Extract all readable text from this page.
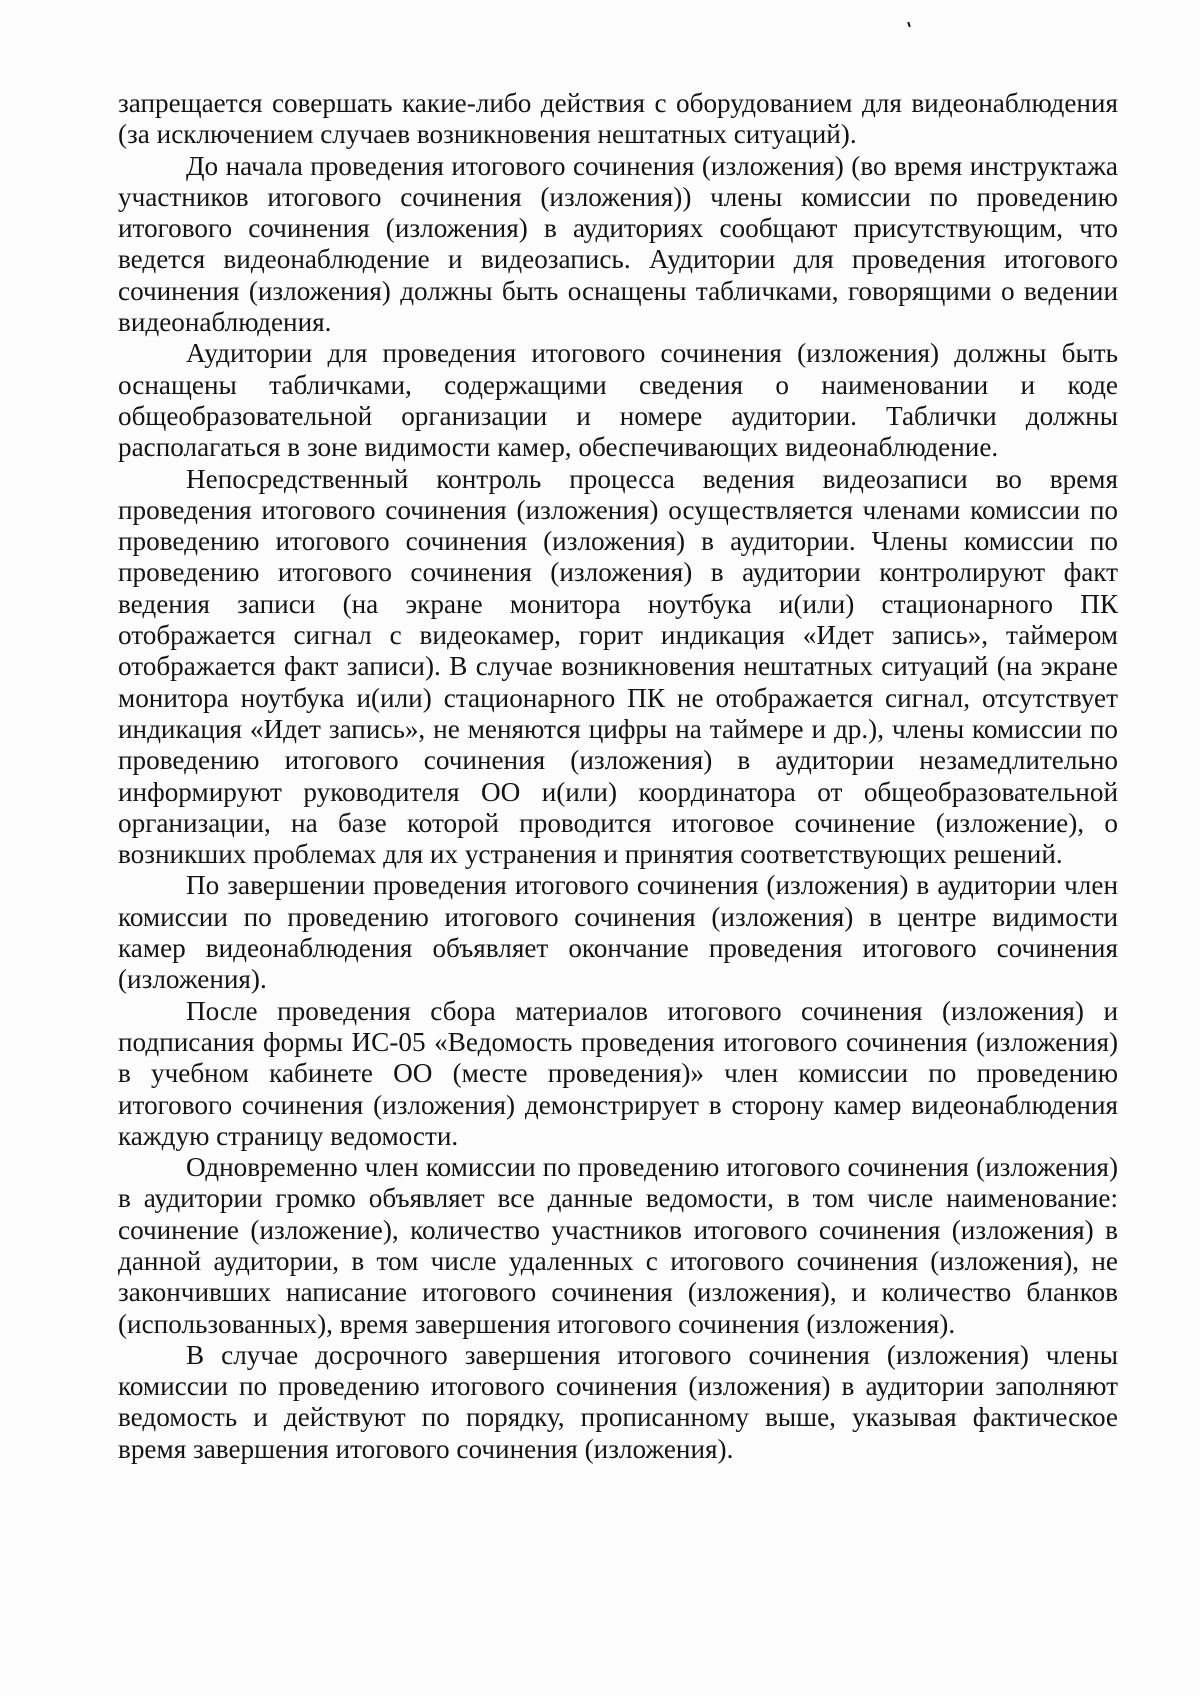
запрещается совершать какие-либо действия с оборудованием для видеонаблюдения (за исключением случаев возникновения нештатных ситуаций).

До начала проведения итогового сочинения (изложения) (во время инструктажа участников итогового сочинения (изложения)) члены комиссии по проведению итогового сочинения (изложения) в аудиториях сообщают присутствующим, что ведется видеонаблюдение и видеозапись. Аудитории для проведения итогового сочинения (изложения) должны быть оснащены табличками, говорящими о ведении видеонаблюдения.

Аудитории для проведения итогового сочинения (изложения) должны быть оснащены табличками, содержащими сведения о наименовании и коде общеобразовательной организации и номере аудитории. Таблички должны располагаться в зоне видимости камер, обеспечивающих видеонаблюдение.

Непосредственный контроль процесса ведения видеозаписи во время проведения итогового сочинения (изложения) осуществляется членами комиссии по проведению итогового сочинения (изложения) в аудитории. Члены комиссии по проведению итогового сочинения (изложения) в аудитории контролируют факт ведения записи (на экране монитора ноутбука и(или) стационарного ПК отображается сигнал с видеокамер, горит индикация «Идет запись», таймером отображается факт записи). В случае возникновения нештатных ситуаций (на экране монитора ноутбука и(или) стационарного ПК не отображается сигнал, отсутствует индикация «Идет запись», не меняются цифры на таймере и др.), члены комиссии по проведению итогового сочинения (изложения) в аудитории незамедлительно информируют руководителя ОО и(или) координатора от общеобразовательной организации, на базе которой проводится итоговое сочинение (изложение), о возникших проблемах для их устранения и принятия соответствующих решений.

По завершении проведения итогового сочинения (изложения) в аудитории член комиссии по проведению итогового сочинения (изложения) в центре видимости камер видеонаблюдения объявляет окончание проведения итогового сочинения (изложения).

После проведения сбора материалов итогового сочинения (изложения) и подписания формы ИС-05 «Ведомость проведения итогового сочинения (изложения) в учебном кабинете ОО (месте проведения)» член комиссии по проведению итогового сочинения (изложения) демонстрирует в сторону камер видеонаблюдения каждую страницу ведомости.

Одновременно член комиссии по проведению итогового сочинения (изложения) в аудитории громко объявляет все данные ведомости, в том числе наименование: сочинение (изложение), количество участников итогового сочинения (изложения) в данной аудитории, в том числе удаленных с итогового сочинения (изложения), не закончивших написание итогового сочинения (изложения), и количество бланков (использованных), время завершения итогового сочинения (изложения).

В случае досрочного завершения итогового сочинения (изложения) члены комиссии по проведению итогового сочинения (изложения) в аудитории заполняют ведомость и действуют по порядку, прописанному выше, указывая фактическое время завершения итогового сочинения (изложения).
